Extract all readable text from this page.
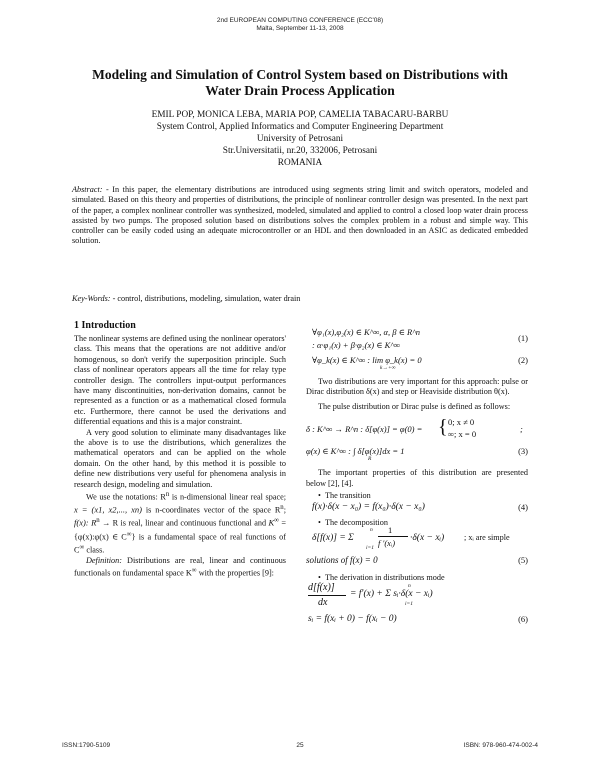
2nd EUROPEAN COMPUTING CONFERENCE (ECC'08)
Malta, September 11-13, 2008
Modeling and Simulation of Control System based on Distributions with
Water Drain Process Application
EMIL POP, MONICA LEBA, MARIA POP, CAMELIA TABACARU-BARBU
System Control, Applied Informatics and Computer Engineering Department
University of Petrosani
Str.Universitatii, nr.20, 332006, Petrosani
ROMANIA
Abstract: - In this paper, the elementary distributions are introduced using segments string limit and switch operators, modeled and simulated. Based on this theory and properties of distributions, the principle of nonlinear controller design was presented. In the next part of the paper, a complex nonlinear controller was synthesized, modeled, simulated and applied to control a closed loop water drain process assisted by two pumps. The proposed solution based on distributions solves the complex problem in a robust and simple way. This controller can be easily coded using an adequate microcontroller or an HDL and then downloaded in an ASIC as dedicated embedded solution.
Key-Words: - control, distributions, modeling, simulation, water drain
1 Introduction

The nonlinear systems are defined using the nonlinear operators' class. This means that the operations are not additive and/or homogenous, so don't verify the superposition principle. Such class of nonlinear operators appears all the time for relay type controller design. The controllers input-output performances have many discontinuities, non-derivation domains, cannot be represented as a function or as a mathematical closed formula etc. Furthermore, there cannot be used the derivations and differential equations and this is a major constraint.

A very good solution to eliminate many disadvantages like the above is to use the distributions, which generalizes the mathematical operators and can be applied on the whole domain. On the other hand, by this method it is possible to define new distributions very useful for phenomena analysis in research design, modeling and simulation.

We use the notations: $R^n$ is n-dimensional linear real space; x = (x1, x2,..., xn) is n-coordinates vector of the space $R^n$; f(x): $R^n \to R$ is real, linear and continuous functional and K∞ = {φ(x):φ(x) ∈ C∞} is a fundamental space of real functions of C∞ class.

Definition: Distributions are real, linear and continuous functionals on fundamental space K∞ with the properties [9]:

∀φ₁(x),φ₂(x) ∈ K^∞, α, β ∈ R^n
: α·φ₁(x) + β·φ₂(x) ∈ K^∞
(1)
∀φ_k(x) ∈ K^∞ : lim φ_k(x) = 0
k→+∞
(2)

Two distributions are very important for this approach: pulse or Dirac distribution δ(x) and step or Heaviside distribution θ(x).

The pulse distribution or Dirac pulse is defined as follows:

δ : K^∞ → R^n : δ[φ(x)] = φ(0) = { 0; x ≠ 0
∞; x = 0	;
φ(x) ∈ K^∞ : ∫ δ[φ(x)]dx = 1
R
(3)

The important properties of this distribution are presented below [2], [4].

•  The transition
f(x)·δ(x − x₀) = f(x₀)·δ(x − x₀)	(4)
•  The decomposition
δ[f(x)] = Σ
n
i=1
1
f ′(xᵢ) ·δ(x − xᵢ) ; xᵢ are simple
solutions of f(x) = 0	(5)
•  The derivation in distributions mode
d[f(x)]
dx
= f′(x) + Σ sᵢ·δ(x − xᵢ)
n
i=1
sᵢ = f(xᵢ + 0) − f(xᵢ − 0)	(6)
ISSN:1790-5109	25	ISBN: 978-960-474-002-4
